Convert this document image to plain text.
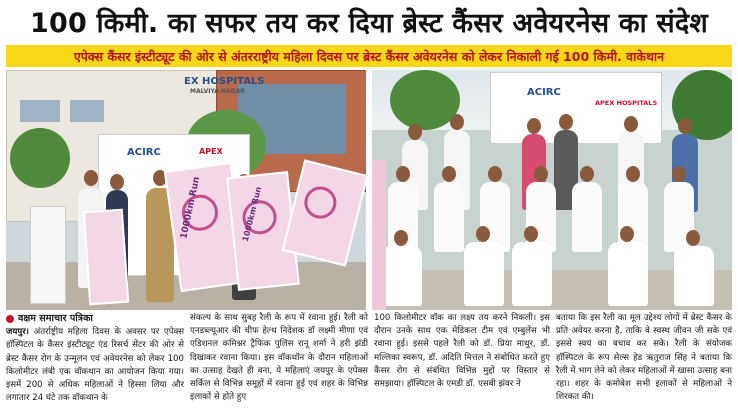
100 किमी. का सफर तय कर दिया ब्रेस्ट कैंसर अवेयरनेस का संदेश
एपेक्स कैंसर इंस्टीट्यूट की ओर से अंतरराष्ट्रीय महिला दिवस पर ब्रेस्ट कैंसर अवेयरनेस को लेकर निकाली गई 100 किमी. वाकेथान
EX HOSPITALS
MALVIYA NAGAR
ACIRC	APEX
1000km Run	1000km Run
ACIRC
APEX HOSPITALS
वक्षम समाचार पत्रिका

जयपुर। अंतर्राष्ट्रीय महिला दिवस के अवसर पर एपेक्स हॉस्पिटल के कैंसर इंस्टीट्यूट एंड रिसर्च सेंटर की ओर से ब्रेस्ट कैंसर रोग के उन्मूलन एवं अवेयरनेस को लेकर 100 किलोमीटर लंबी एक वॉकथान का आयोजन किया गया। इसमें 200 से अधिक महिलाओं ने हिस्सा लिया और लगातार 24 घंटे तक वॉकथान के

संकल्प के साथ सुबह रैली के रूप में रवाना हुई। रैली को एनडब्ल्यूआर की चीफ हेल्थ निदेशक डॉ लक्ष्मी मीणा एवं एडिशनल कमिश्नर ट्रैफिक पुलिस रानू शर्मा ने हरी झंडी दिखाकर रवाना किया। इस वॉकथॉन के दौरान महिलाओं का उत्साह देखते ही बना, ये महिलाएं जयपुर के एपेक्स सर्किल से विभिन्न समूहों में रवाना हुई एवं शहर के विभिन्न इलाकों से होते हुए

100 किलोमीटर वॉक का लक्ष्य तय करने निकली। इस दौरान उनके साथ एक मेडिकल टीम एवं एम्बुलेंस भी रवाना हुई। इससे पहले रैली को डॉ. प्रिया माथुर, डॉ. मल्लिका स्वरूप, डॉ. अदिति मित्तल ने संबोधित करते हुए कैंसर रोग से संबंधित विभिन्न मुद्दों पर विस्तार से समझाया। हॉस्पिटल के एमडी डॉ. एसबी झंवर ने

बताया कि इस रैली का मूल उद्देश्य लोगों में ब्रेस्ट कैंसर के प्रति अवेयर करना है, ताकि वे स्वस्थ जीवन जी सके एवं इससे स्वयं का बचाव कर सके। रैली के संयोजक हॉस्पिटल के रूप सेल्स हेड ऋतुराज सिंह ने बताया कि रैली में भाग लेने को लेकर महिलाओं में खासा उत्साह बना रहा। शहर के कमोबेश सभी इलाकों से महिलाओं ने शिरकत की।
